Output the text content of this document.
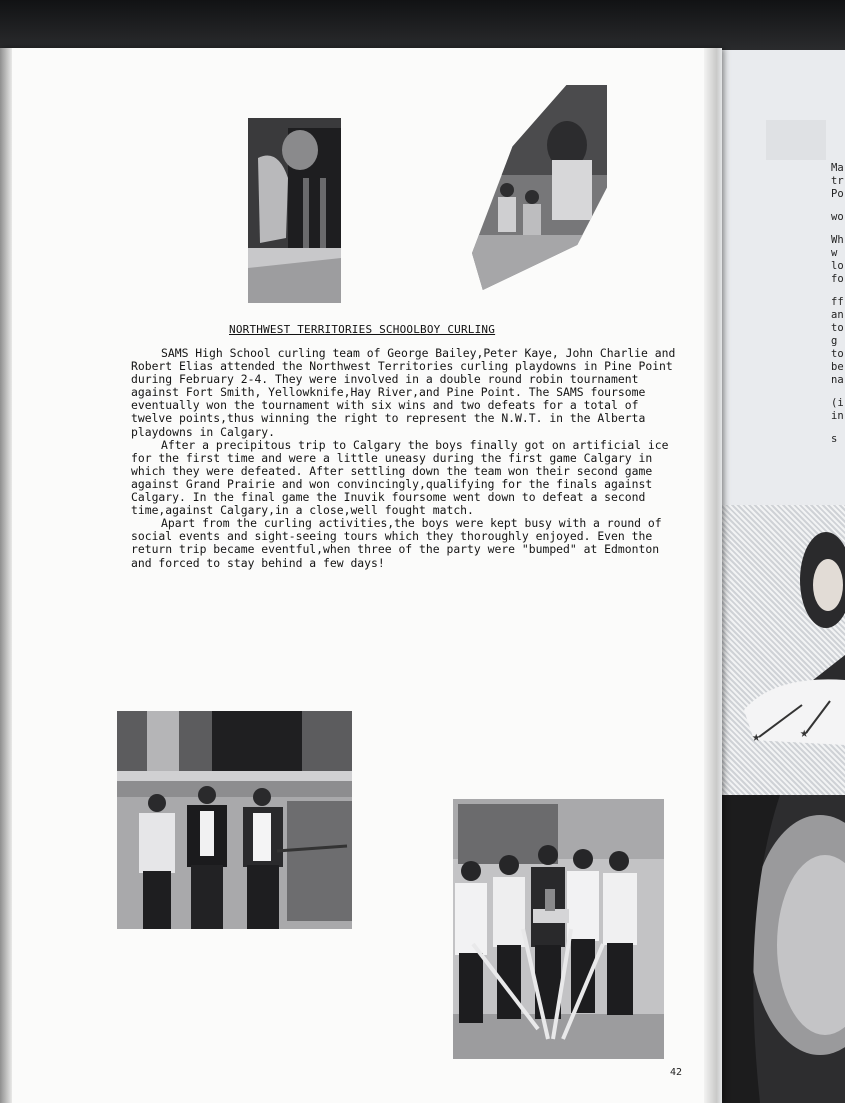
★	★
Ma
tr
Po
wo
Wh
w
lo
fo
ff
an
to
g
to
be
na
(i
in
s
NORTHWEST TERRITORIES SCHOOLBOY CURLING

SAMS High School curling team of George Bailey,Peter Kaye, John Charlie and Robert Elias attended the Northwest Territories curling playdowns in Pine Point during February 2-4. They were involved in a double round robin tournament against Fort Smith, Yellowknife,Hay River,and Pine Point. The SAMS foursome eventually won the tournament with six wins and two defeats for a total of twelve points,thus winning the right to represent the N.W.T. in the Alberta playdowns in Calgary.

After a precipitous trip to Calgary the boys finally got on artificial ice for the first time and were a little uneasy during the first game Calgary in which they were defeated. After settling down the team won their second game against Grand Prairie and won convincingly,qualifying for the finals against Calgary. In the final game the Inuvik foursome went down to defeat a second time,against Calgary,in a close,well fought match.

Apart from the curling activities,the boys were kept busy with a round of social events and sight-seeing tours which they thoroughly enjoyed. Even the return trip became eventful,when three of the party were "bumped" at Edmonton and forced to stay behind a few days!

42
